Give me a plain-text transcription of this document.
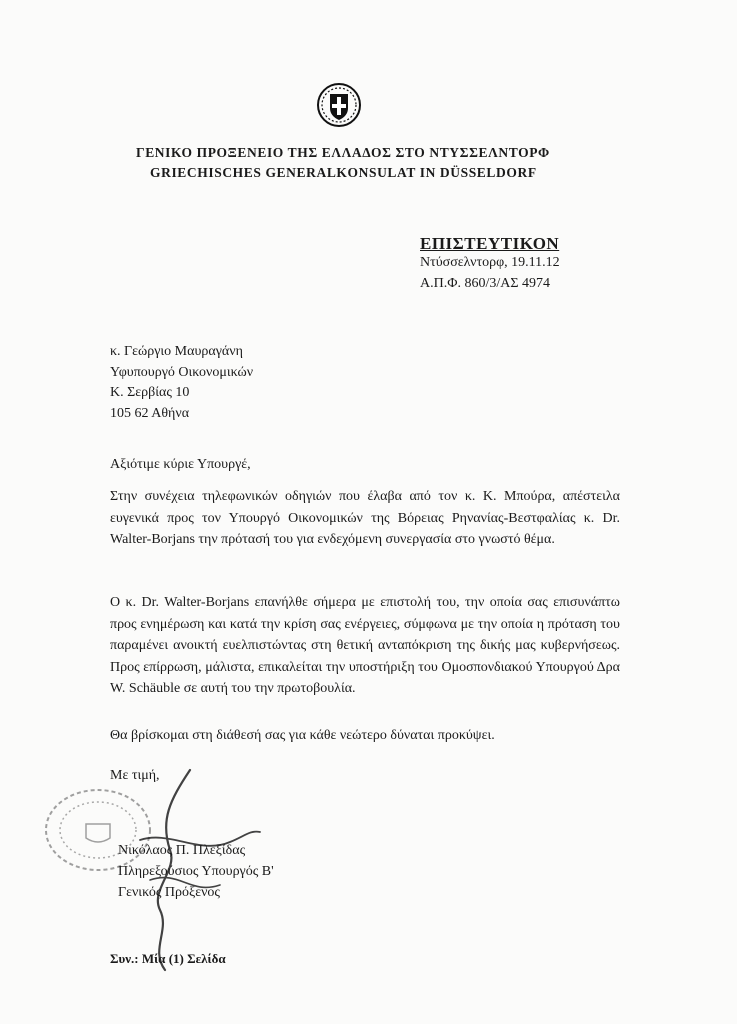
ΓΕΝΙΚΟ ΠΡΟΞΕΝΕΙΟ ΤΗΣ ΕΛΛΑΔΟΣ ΣΤΟ ΝΤΥΣΣΕΛΝΤΟΡΦ
GRIECHISCHES GENERALKONSULAT IN DÜSSELDORF
ΕΠΙΣΤΕΥΤΙΚΟΝ
Ντύσσελντορφ, 19.11.12
Α.Π.Φ. 860/3/ΑΣ 4974
κ. Γεώργιο Μαυραγάνη
Υφυπουργό Οικονομικών
Κ. Σερβίας 10
105 62 Αθήνα
Αξιότιμε κύριε Υπουργέ,
Στην συνέχεια τηλεφωνικών οδηγιών που έλαβα από τον κ. Κ. Μπούρα, απέστειλα ευγενικά προς τον Υπουργό Οικονομικών της Βόρειας Ρηνανίας-Βεστφαλίας κ. Dr. Walter-Borjans την πρότασή του για ενδεχόμενη συνεργασία στο γνωστό θέμα.
Ο κ. Dr. Walter-Borjans επανήλθε σήμερα με επιστολή του, την οποία σας επισυνάπτω προς ενημέρωση και κατά την κρίση σας ενέργειες, σύμφωνα με την οποία η πρόταση του παραμένει ανοικτή ευελπιστώντας στη θετική ανταπόκριση της δικής μας κυβερνήσεως. Προς επίρρωση, μάλιστα, επικαλείται την υποστήριξη του Ομοσπονδιακού Υπουργού Δρα W. Schäuble σε αυτή του την πρωτοβουλία.
Θα βρίσκομαι στη διάθεσή σας για κάθε νεώτερο δύναται προκύψει.
Με τιμή,
Νικόλαος Π. Πλεξίδας
Πληρεξούσιος Υπουργός Β'
Γενικός Πρόξενος
Συν.: Μία (1) Σελίδα
